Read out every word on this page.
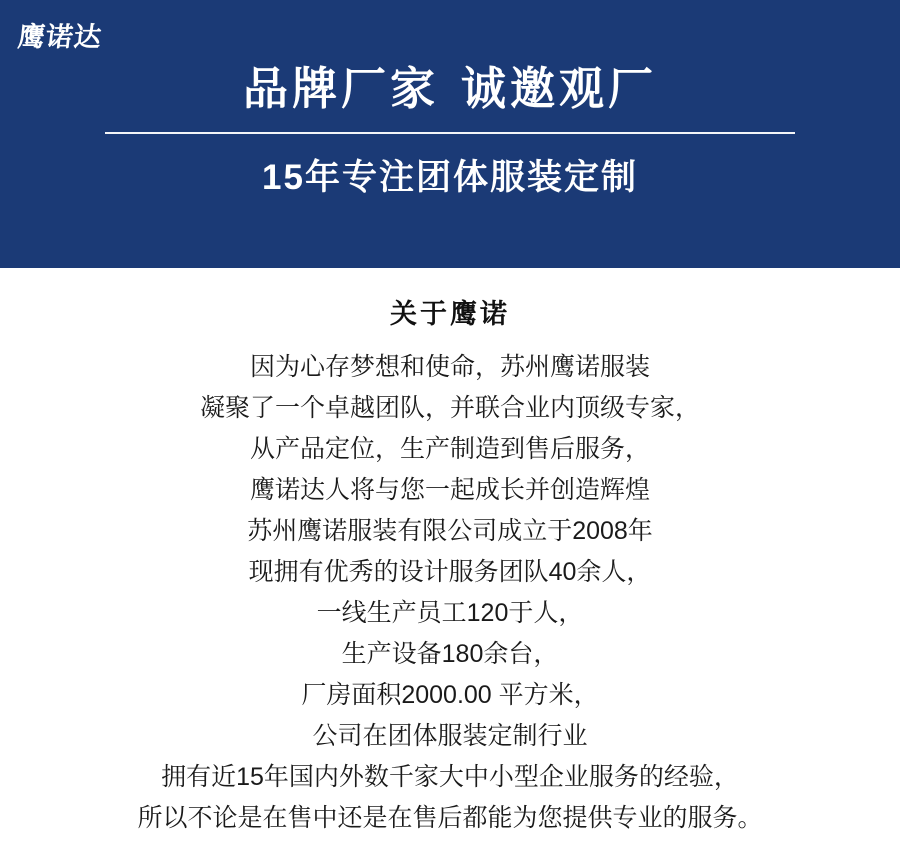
鹰诺达
品牌厂家 诚邀观厂
15年专注团体服装定制
关于鹰诺
因为心存梦想和使命，苏州鹰诺服装
凝聚了一个卓越团队，并联合业内顶级专家，
从产品定位，生产制造到售后服务，
鹰诺达人将与您一起成长并创造辉煌
苏州鹰诺服装有限公司成立于2008年
现拥有优秀的设计服务团队40余人，
一线生产员工120于人，
生产设备180余台，
厂房面积2000.00 平方米，
公司在团体服装定制行业
拥有近15年国内外数千家大中小型企业服务的经验，
所以不论是在售中还是在售后都能为您提供专业的服务。
